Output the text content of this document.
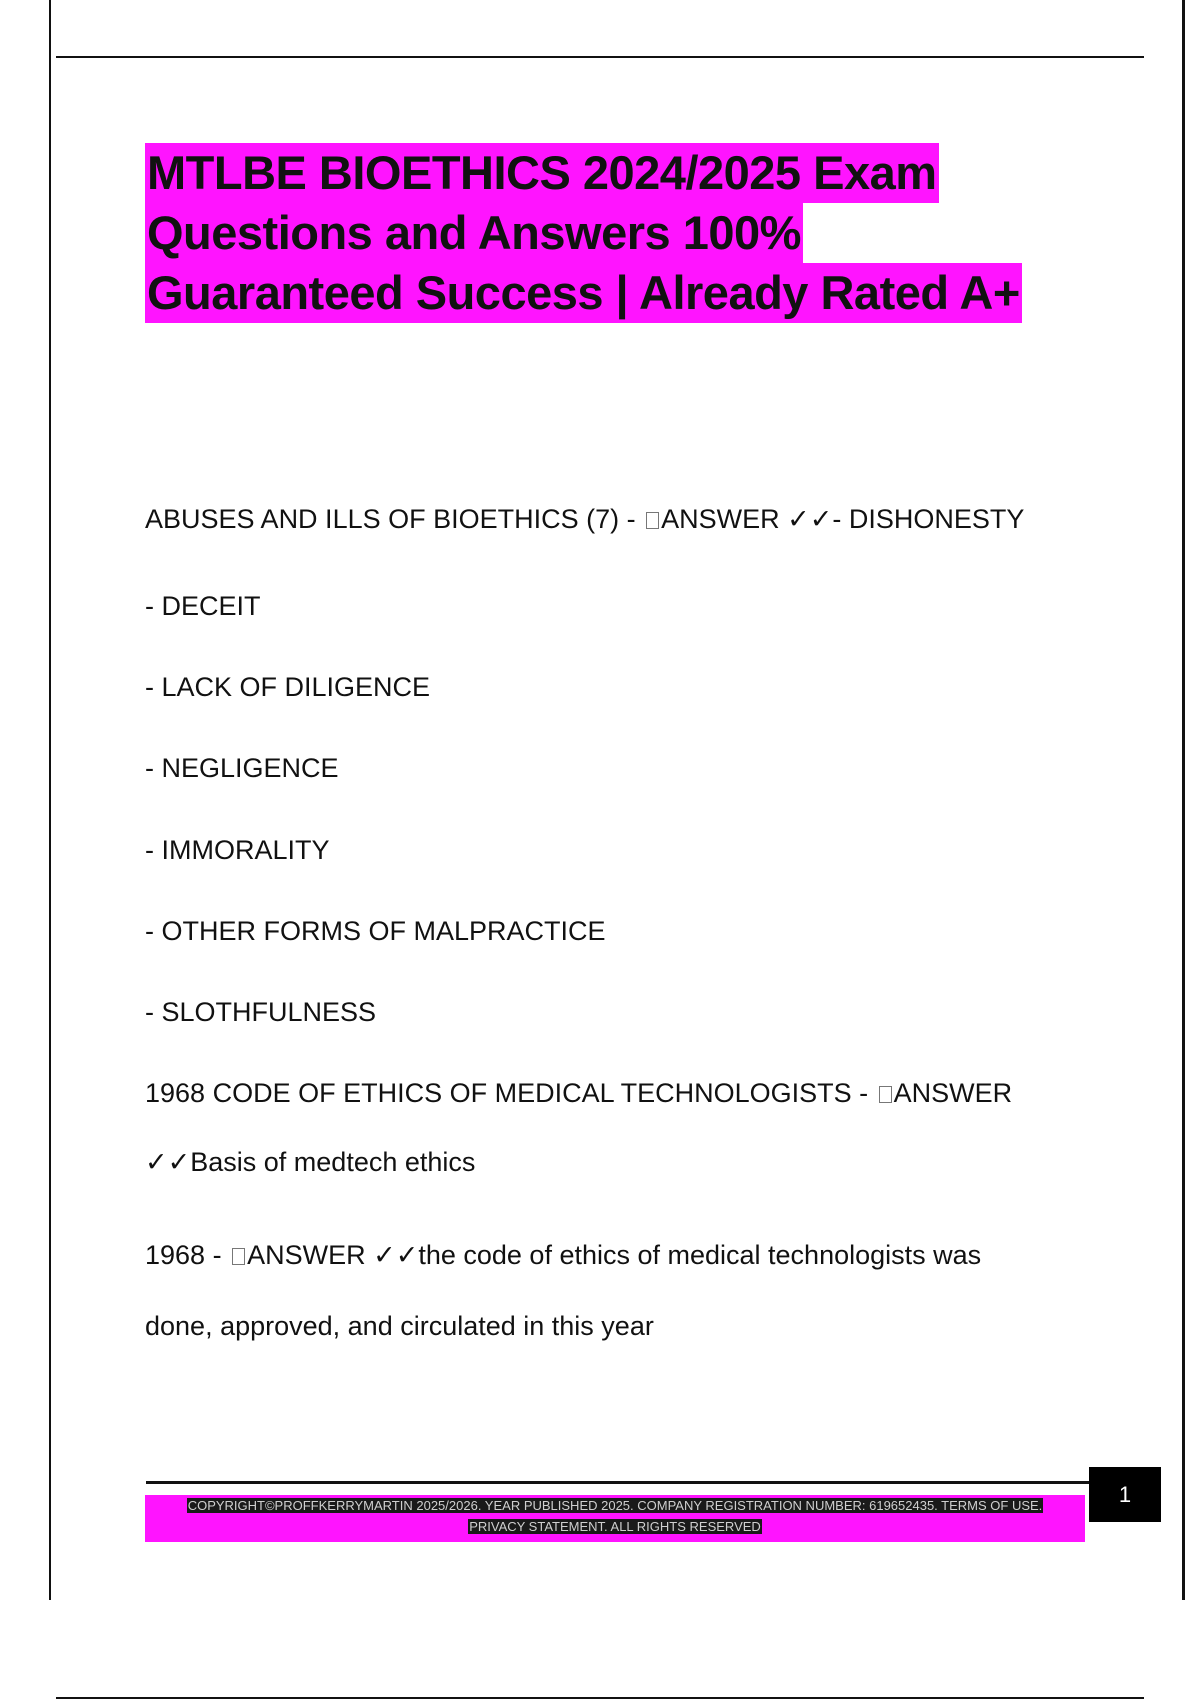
MTLBE BIOETHICS 2024/2025 Exam
Questions and Answers 100%
Guaranteed Success | Already Rated A+
ABUSES AND ILLS OF BIOETHICS (7) - ANSWER ✓✓- DISHONESTY
- DECEIT
- LACK OF DILIGENCE
- NEGLIGENCE
- IMMORALITY
- OTHER FORMS OF MALPRACTICE
- SLOTHFULNESS
1968 CODE OF ETHICS OF MEDICAL TECHNOLOGISTS - ANSWER
✓✓Basis of medtech ethics
1968 - ANSWER ✓✓the code of ethics of medical technologists was
done, approved, and circulated in this year
COPYRIGHT©PROFFKERRYMARTIN 2025/2026. YEAR PUBLISHED 2025. COMPANY REGISTRATION NUMBER: 619652435. TERMS OF USE.
PRIVACY STATEMENT. ALL RIGHTS RESERVED
1
